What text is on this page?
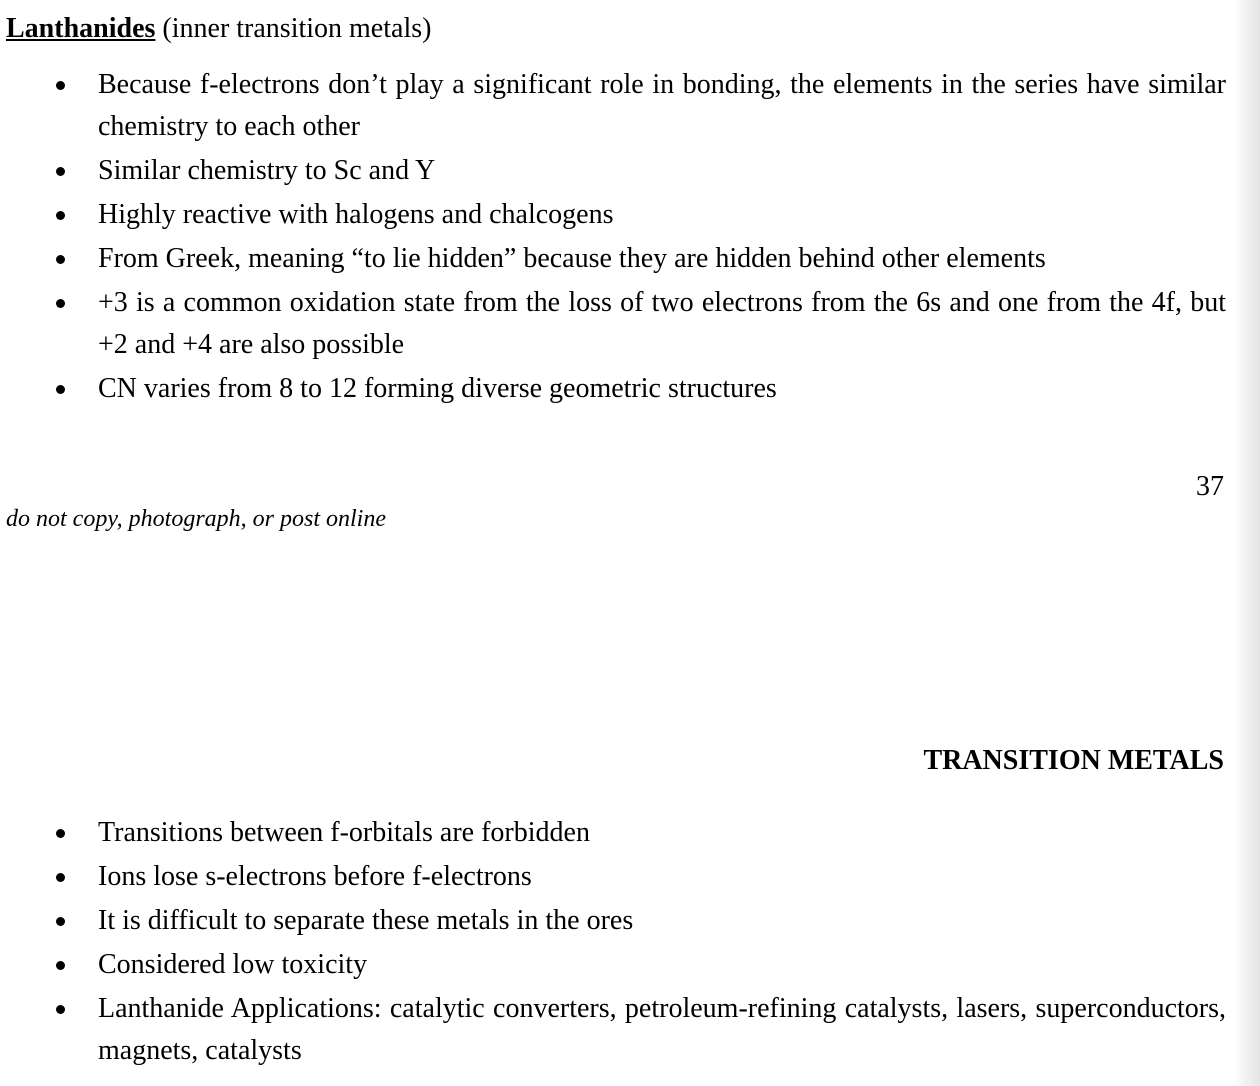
Lanthanides (inner transition metals)
Because f-electrons don’t play a significant role in bonding, the elements in the series have similar chemistry to each other
Similar chemistry to Sc and Y
Highly reactive with halogens and chalcogens
From Greek, meaning “to lie hidden” because they are hidden behind other elements
+3 is a common oxidation state from the loss of two electrons from the 6s and one from the 4f, but +2 and +4 are also possible
CN varies from 8 to 12 forming diverse geometric structures
37
do not copy, photograph, or post online
TRANSITION METALS
Transitions between f-orbitals are forbidden
Ions lose s-electrons before f-electrons
It is difficult to separate these metals in the ores
Considered low toxicity
Lanthanide Applications: catalytic converters, petroleum-refining catalysts, lasers, superconductors, magnets, catalysts
